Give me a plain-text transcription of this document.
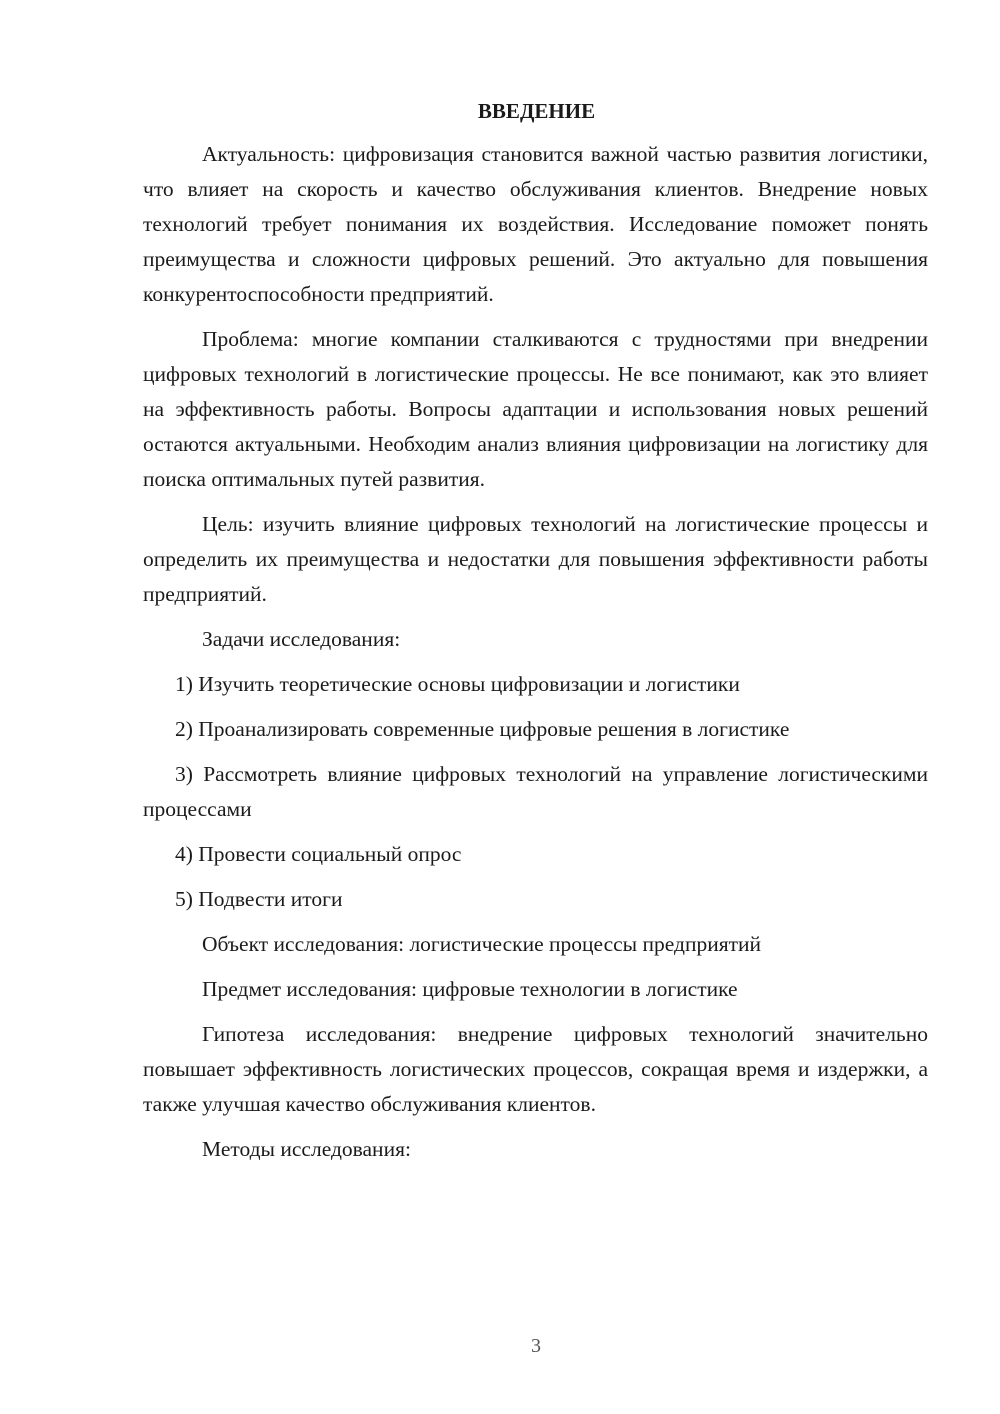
ВВЕДЕНИЕ

Актуальность: цифровизация становится важной частью развития логистики, что влияет на скорость и качество обслуживания клиентов. Внедрение новых технологий требует понимания их воздействия. Исследование поможет понять преимущества и сложности цифровых решений. Это актуально для повышения конкурентоспособности предприятий.

Проблема: многие компании сталкиваются с трудностями при внедрении цифровых технологий в логистические процессы. Не все понимают, как это влияет на эффективность работы. Вопросы адаптации и использования новых решений остаются актуальными. Необходим анализ влияния цифровизации на логистику для поиска оптимальных путей развития.

Цель: изучить влияние цифровых технологий на логистические процессы и определить их преимущества и недостатки для повышения эффективности работы предприятий.

Задачи исследования:

1) Изучить теоретические основы цифровизации и логистики

2) Проанализировать современные цифровые решения в логистике

3) Рассмотреть влияние цифровых технологий на управление логистическими процессами

4) Провести социальный опрос

5) Подвести итоги

Объект исследования: логистические процессы предприятий

Предмет исследования: цифровые технологии в логистике

Гипотеза исследования: внедрение цифровых технологий значительно повышает эффективность логистических процессов, сокращая время и издержки, а также улучшая качество обслуживания клиентов.

Методы исследования:

3
